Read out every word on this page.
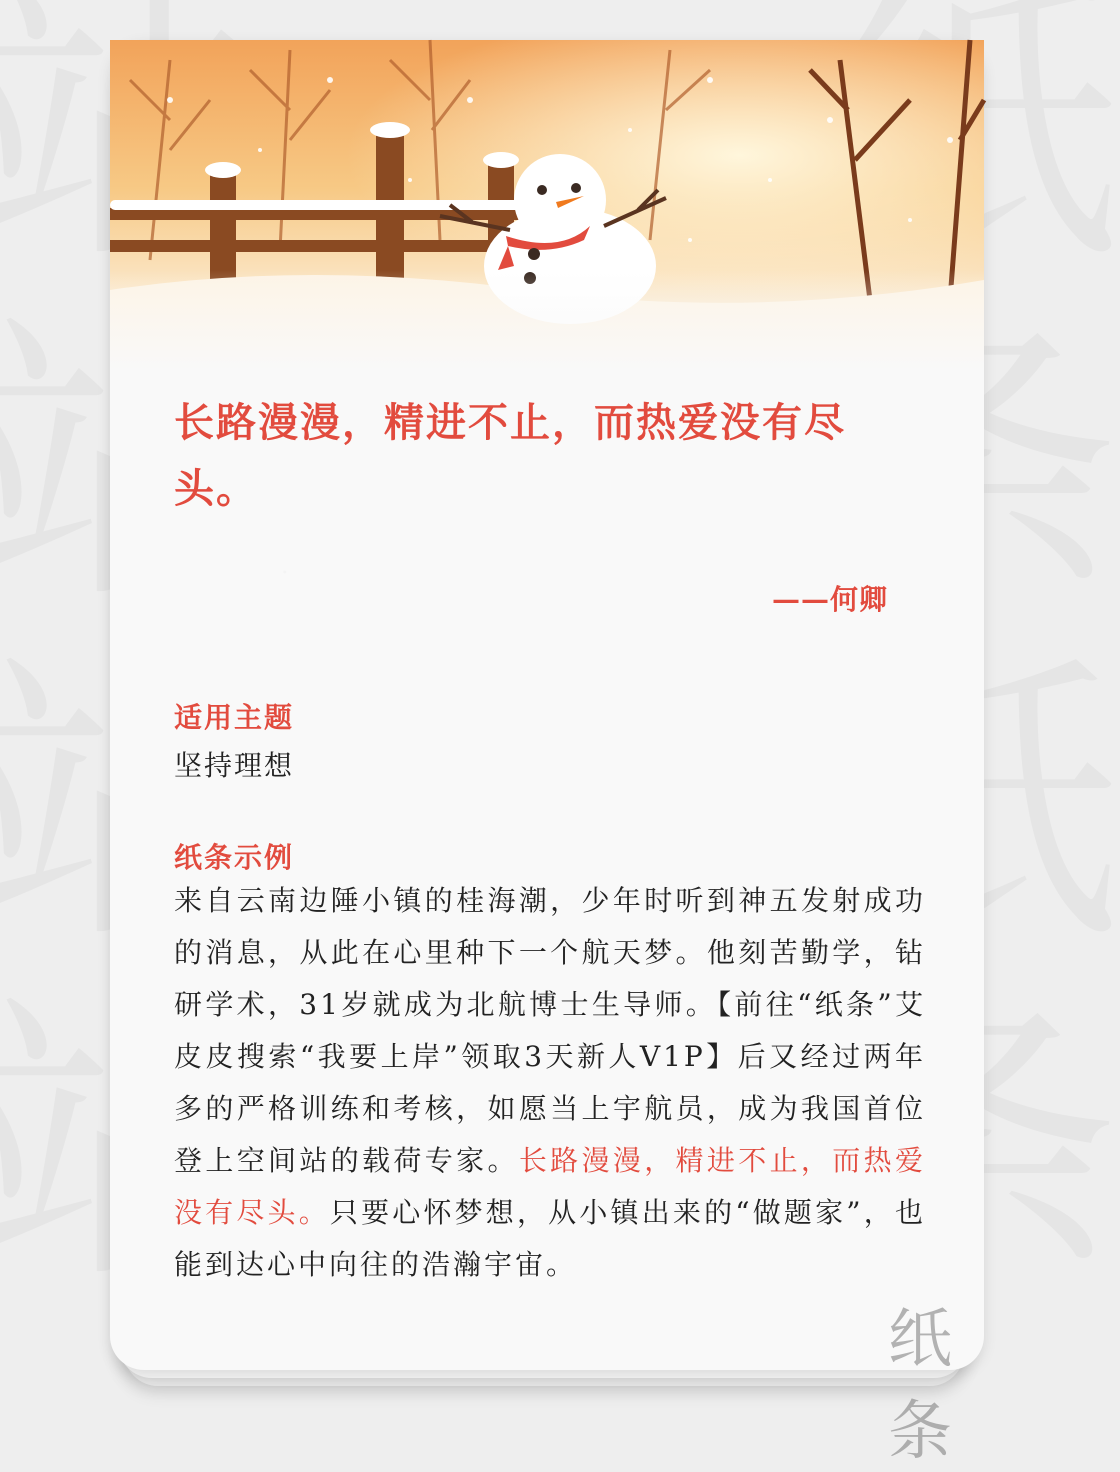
长路漫漫，精进不止，而热爱没有尽头。

——何卿
适用主题
坚持理想
纸条示例

来自云南边陲小镇的桂海潮，少年时听到神五发射成功的消息，从此在心里种下一个航天梦。他刻苦勤学，钻研学术，31岁就成为北航博士生导师。【前往“纸条”艾皮皮搜索“我要上岸”领取3天新人V1P】后又经过两年多的严格训练和考核，如愿当上宇航员，成为我国首位登上空间站的载荷专家。长路漫漫，精进不止，而热爱没有尽头。只要心怀梦想，从小镇出来的“做题家”，也能到达心中向往的浩瀚宇宙。

纸条
